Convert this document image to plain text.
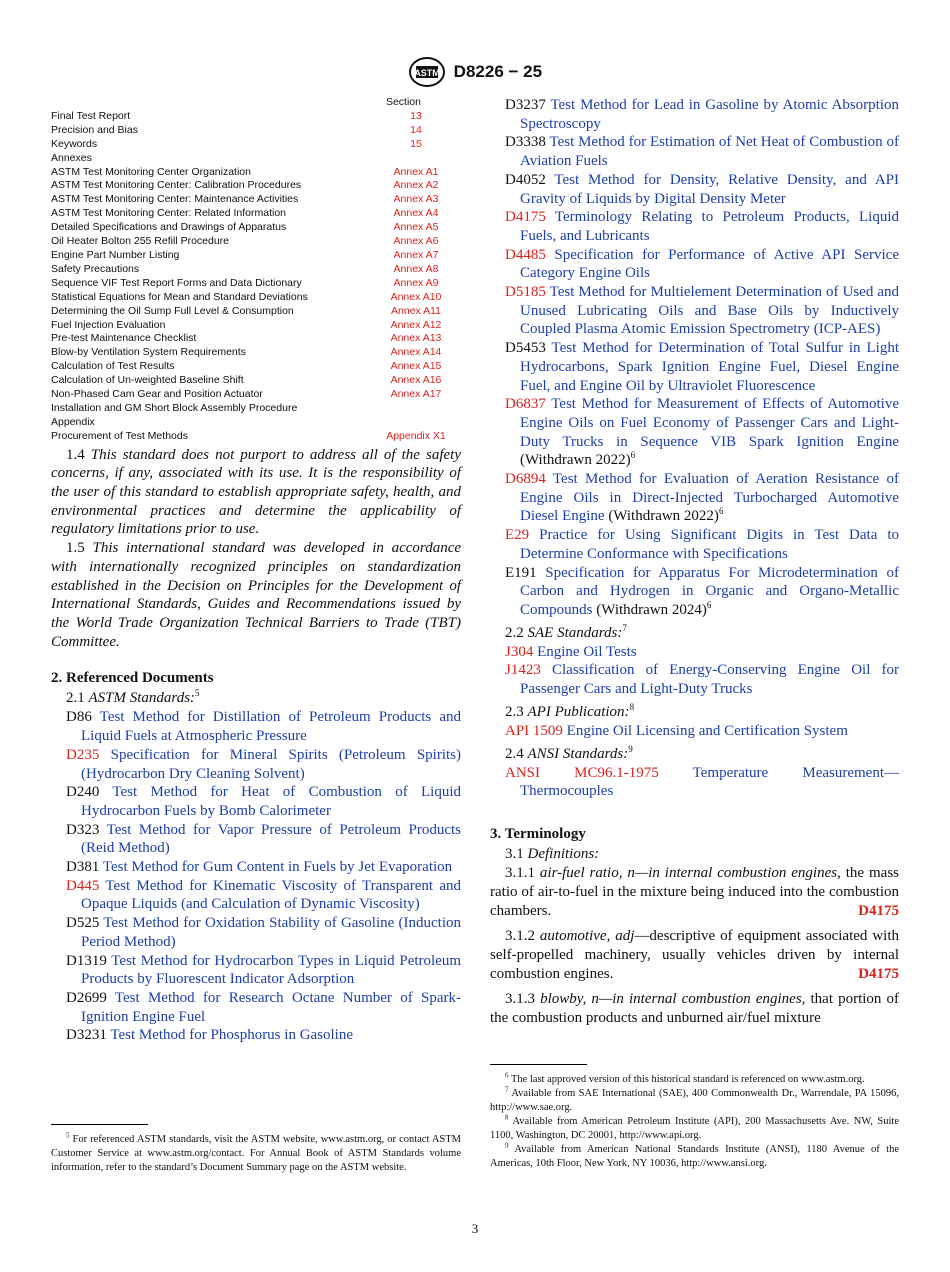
ASTM D8226 − 25
Section
Final Test Report	13
Precision and Bias	14
Keywords	15
Annexes
ASTM Test Monitoring Center Organization	Annex A1
ASTM Test Monitoring Center: Calibration Procedures	Annex A2
ASTM Test Monitoring Center: Maintenance Activities	Annex A3
ASTM Test Monitoring Center: Related Information	Annex A4
Detailed Specifications and Drawings of Apparatus	Annex A5
Oil Heater Bolton 255 Refill Procedure	Annex A6
Engine Part Number Listing	Annex A7
Safety Precautions	Annex A8
Sequence VIF Test Report Forms and Data Dictionary	Annex A9
Statistical Equations for Mean and Standard Deviations	Annex A10
Determining the Oil Sump Full Level & Consumption	Annex A11
Fuel Injection Evaluation	Annex A12
Pre-test Maintenance Checklist	Annex A13
Blow-by Ventilation System Requirements	Annex A14
Calculation of Test Results	Annex A15
Calculation of Un-weighted Baseline Shift	Annex A16
Non-Phased Cam Gear and Position Actuator	Annex A17
Installation and GM Short Block Assembly Procedure
Appendix
Procurement of Test Methods	Appendix X1
1.4 This standard does not purport to address all of the safety concerns, if any, associated with its use. It is the responsibility of the user of this standard to establish appropriate safety, health, and environmental practices and determine the applicability of regulatory limitations prior to use.
1.5 This international standard was developed in accordance with internationally recognized principles on standardization established in the Decision on Principles for the Development of International Standards, Guides and Recommendations issued by the World Trade Organization Technical Barriers to Trade (TBT) Committee.
2. Referenced Documents
2.1 ASTM Standards:$^5$
D86 Test Method for Distillation of Petroleum Products and Liquid Fuels at Atmospheric Pressure
D235 Specification for Mineral Spirits (Petroleum Spirits) (Hydrocarbon Dry Cleaning Solvent)
D240 Test Method for Heat of Combustion of Liquid Hydrocarbon Fuels by Bomb Calorimeter
D323 Test Method for Vapor Pressure of Petroleum Products (Reid Method)
D381 Test Method for Gum Content in Fuels by Jet Evaporation
D445 Test Method for Kinematic Viscosity of Transparent and Opaque Liquids (and Calculation of Dynamic Viscosity)
D525 Test Method for Oxidation Stability of Gasoline (Induction Period Method)
D1319 Test Method for Hydrocarbon Types in Liquid Petroleum Products by Fluorescent Indicator Adsorption
D2699 Test Method for Research Octane Number of Spark-Ignition Engine Fuel
D3231 Test Method for Phosphorus in Gasoline
$^5$ For referenced ASTM standards, visit the ASTM website, www.astm.org, or contact ASTM Customer Service at www.astm.org/contact. For Annual Book of ASTM Standards volume information, refer to the standard’s Document Summary page on the ASTM website.
D3237 Test Method for Lead in Gasoline by Atomic Absorption Spectroscopy
D3338 Test Method for Estimation of Net Heat of Combustion of Aviation Fuels
D4052 Test Method for Density, Relative Density, and API Gravity of Liquids by Digital Density Meter
D4175 Terminology Relating to Petroleum Products, Liquid Fuels, and Lubricants
D4485 Specification for Performance of Active API Service Category Engine Oils
D5185 Test Method for Multielement Determination of Used and Unused Lubricating Oils and Base Oils by Inductively Coupled Plasma Atomic Emission Spectrometry (ICP-AES)
D5453 Test Method for Determination of Total Sulfur in Light Hydrocarbons, Spark Ignition Engine Fuel, Diesel Engine Fuel, and Engine Oil by Ultraviolet Fluorescence
D6837 Test Method for Measurement of Effects of Automotive Engine Oils on Fuel Economy of Passenger Cars and Light-Duty Trucks in Sequence VIB Spark Ignition Engine (Withdrawn 2022)$^6$
D6894 Test Method for Evaluation of Aeration Resistance of Engine Oils in Direct-Injected Turbocharged Automotive Diesel Engine (Withdrawn 2022)$^6$
E29 Practice for Using Significant Digits in Test Data to Determine Conformance with Specifications
E191 Specification for Apparatus For Microdetermination of Carbon and Hydrogen in Organic and Organo-Metallic Compounds (Withdrawn 2024)$^6$
2.2 SAE Standards:$^7$
J304 Engine Oil Tests
J1423 Classification of Energy-Conserving Engine Oil for Passenger Cars and Light-Duty Trucks
2.3 API Publication:$^8$
API 1509 Engine Oil Licensing and Certification System
2.4 ANSI Standards:$^9$
ANSI MC96.1-1975 Temperature Measurement—Thermocouples
3. Terminology
3.1 Definitions:
3.1.1 air-fuel ratio, n—in internal combustion engines, the mass ratio of air-to-fuel in the mixture being induced into the combustion chambers.	D4175
3.1.2 automotive, adj—descriptive of equipment associated with self-propelled machinery, usually vehicles driven by internal combustion engines.	D4175
3.1.3 blowby, n—in internal combustion engines, that portion of the combustion products and unburned air/fuel mixture
$^6$ The last approved version of this historical standard is referenced on www.astm.org.
$^7$ Available from SAE International (SAE), 400 Commonwealth Dr., Warrendale, PA 15096, http://www.sae.org.
$^8$ Available from American Petroleum Institute (API), 200 Massachusetts Ave. NW, Suite 1100, Washington, DC 20001, http://www.api.org.
$^9$ Available from American National Standards Institute (ANSI), 1180 Avenue of the Americas, 10th Floor, New York, NY 10036, http://www.ansi.org.
3
